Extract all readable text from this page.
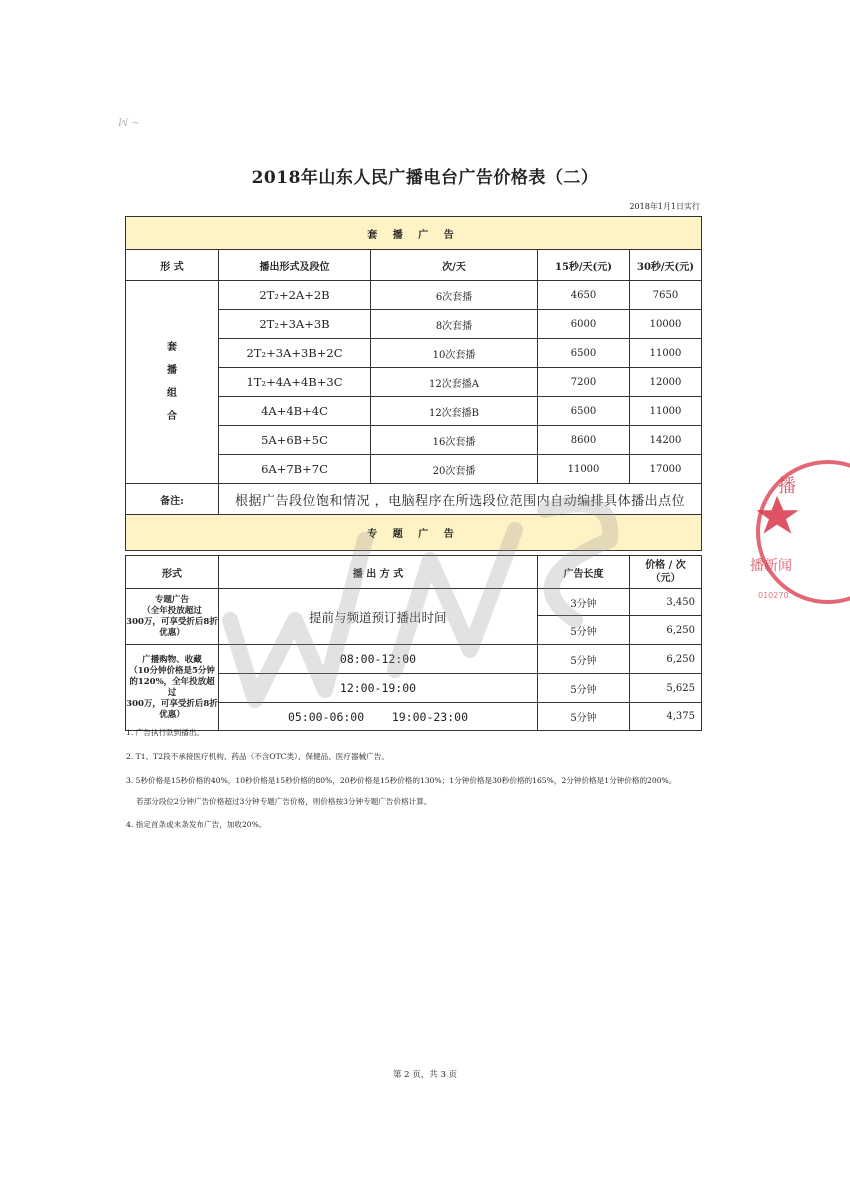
ꟽ ~
2018年山东人民广播电台广告价格表（二）
2018年1月1日实行
套 播 广 告				
形 式	播出形式及段位	次/天	15秒/天(元)	30秒/天(元)

套
播
组
合	2T₂+2A+2B	6次套播	4650	7650
	2T₂+3A+3B	8次套播	6000	10000
	2T₂+3A+3B+2C	10次套播	6500	11000
	1T₂+4A+4B+3C	12次套播A	7200	12000
	4A+4B+4C	12次套播B	6500	11000
	5A+6B+5C	16次套播	8600	14200
	6A+7B+7C	20次套播	11000	17000
备注:	根据广告段位饱和情况 ，电脑程序在所选段位范围内自动编排具体播出点位			
专 题 广 告				
形式	播 出 方 式	广告长度	价格 / 次
（元）
专题广告
（全年投放超过
300万，可享受折后8折
优惠）	提前与频道预订播出时间	3分钟	3,450
		5分钟	6,250
广播购物、收藏
（10分钟价格是5分钟
的120%，全年投放超过
300万，可享受折后8折
优惠）	08:00-12:00	5分钟	6,250
	12:00-19:00	5分钟	5,625
	05:00-06:00    19:00-23:00	5分钟	4,375
1. 广告执行款到播出。
2. T1、T2段不承接医疗机构、药品（不含OTC类）、保健品、医疗器械广告。
3. 5秒价格是15秒价格的40%，10秒价格是15秒价格的80%，20秒价格是15秒价格的130%；1分钟价格是30秒价格的165%，2分钟价格是1分钟价格的200%。
若部分段位2分钟广告价格超过3分钟专题广告价格，则价格按3分钟专题广告价格计算。
4. 指定首条或末条发布广告，加收20%。
第 2 页，共 3 页
播
播新闻
010270
